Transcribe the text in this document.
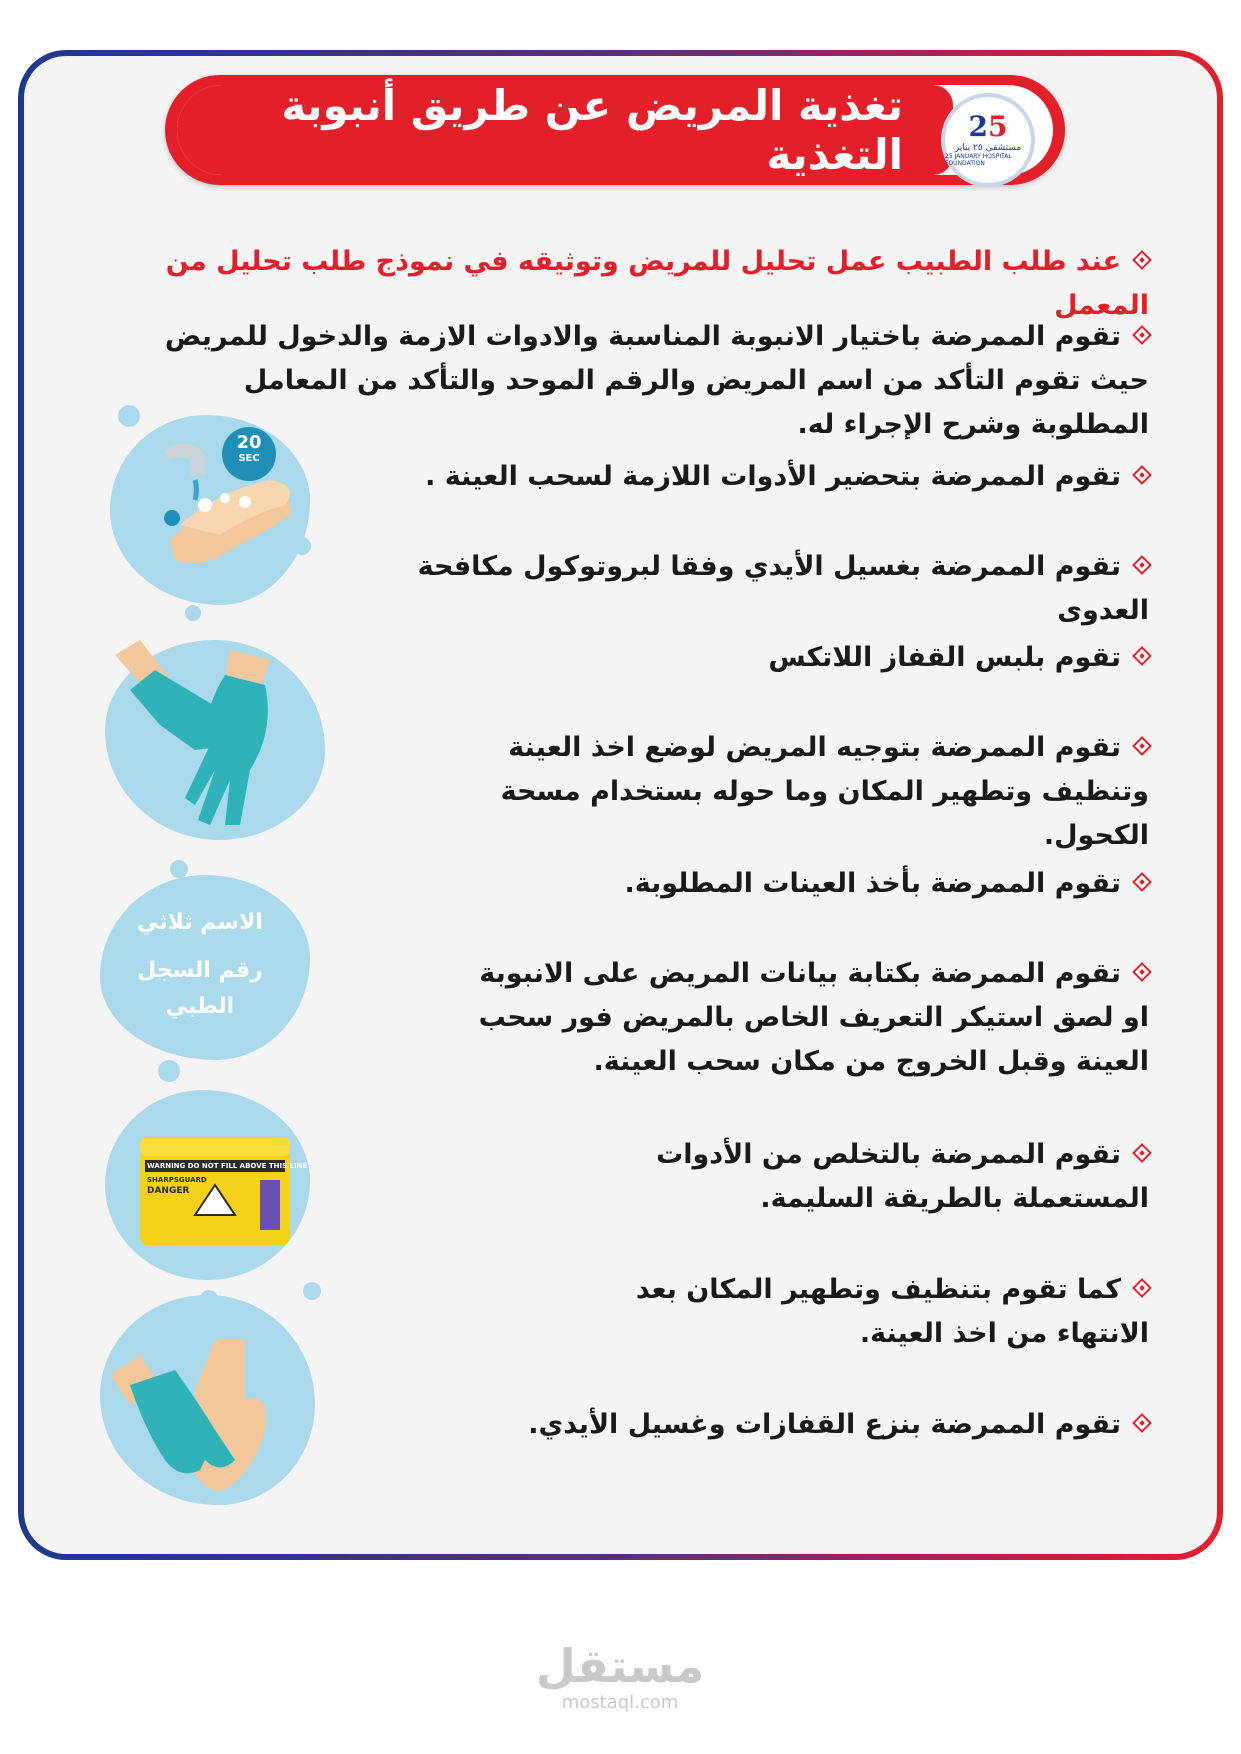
تغذية المريض عن طريق أنبوبة التغذية
25
مستشفى ٢٥ يناير
25 JANUARY HOSPITAL FOUNDATION
عند طلب الطبيب عمل تحليل للمريض وتوثيقه في نموذج طلب تحليل من المعمل
تقوم الممرضة باختيار الانبوبة المناسبة والادوات الازمة والدخول للمريض حيث تقوم التأكد من اسم المريض والرقم الموحد والتأكد من المعامل المطلوبة وشرح الإجراء له.
تقوم الممرضة بتحضير الأدوات اللازمة لسحب العينة .
تقوم الممرضة بغسيل الأيدي وفقا لبروتوكول مكافحة العدوى
تقوم بلبس القفاز اللاتكس
تقوم الممرضة بتوجيه المريض لوضع اخذ العينة وتنظيف وتطهير المكان وما حوله بستخدام مسحة الكحول.
تقوم الممرضة بأخذ العينات المطلوبة.
تقوم الممرضة بكتابة بيانات المريض على الانبوبة او لصق استيكر التعريف الخاص بالمريض فور سحب العينة وقبل الخروج من مكان سحب العينة.
تقوم الممرضة بالتخلص من الأدوات المستعملة بالطريقة السليمة.
كما تقوم بتنظيف وتطهير المكان بعد الانتهاء من اخذ العينة.
تقوم الممرضة بنزع القفازات وغسيل الأيدي.
20
SEC
الاسم ثلاثي
رقم السجل
الطبي
WARNING DO NOT FILL ABOVE THIS LINE
SHARPSGUARD
DANGER
مستقل
mostaql.com
